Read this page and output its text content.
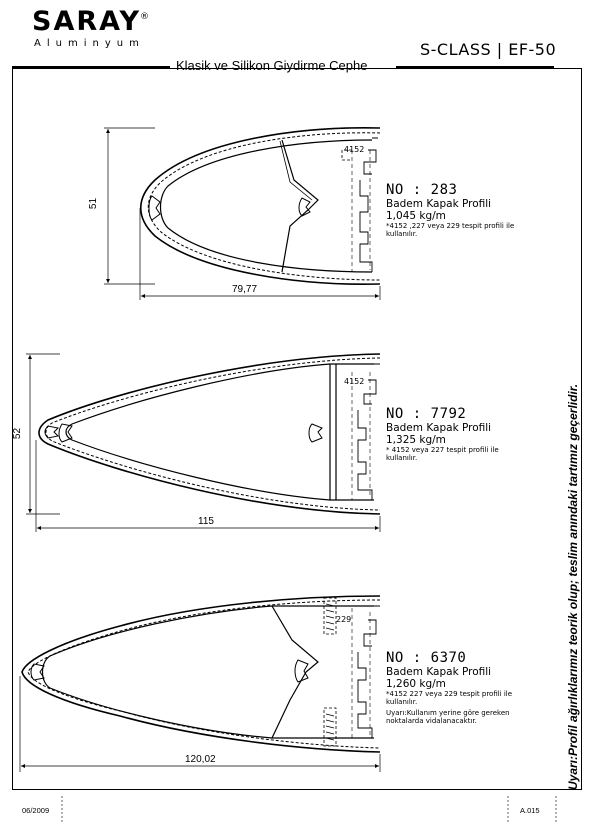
SARAY ®
Aluminyum
Klasik ve Silikon Giydirme Cephe
S-CLASS | EF-50
4152
51
79,77
NO : 283
Badem Kapak Profili
1,045 kg/m
*4152 ,227 veya 229 tespit profili ile
kullanılır.
4152
52
115
NO : 7792
Badem Kapak Profili
1,325 kg/m
* 4152 veya 227 tespit profili ile
kullanılır.
229
120,02
NO : 6370
Badem Kapak Profili
1,260 kg/m
*4152 227 veya 229 tespit profili ile
kullanılır.
Uyarı:Kullanım yerine göre gereken
noktalarda vidalanacaktır.	Uyarı:Profil ağırlıklarımız teorik olup; teslim anındaki tartımız geçerlidir.
06/2009	A.015
